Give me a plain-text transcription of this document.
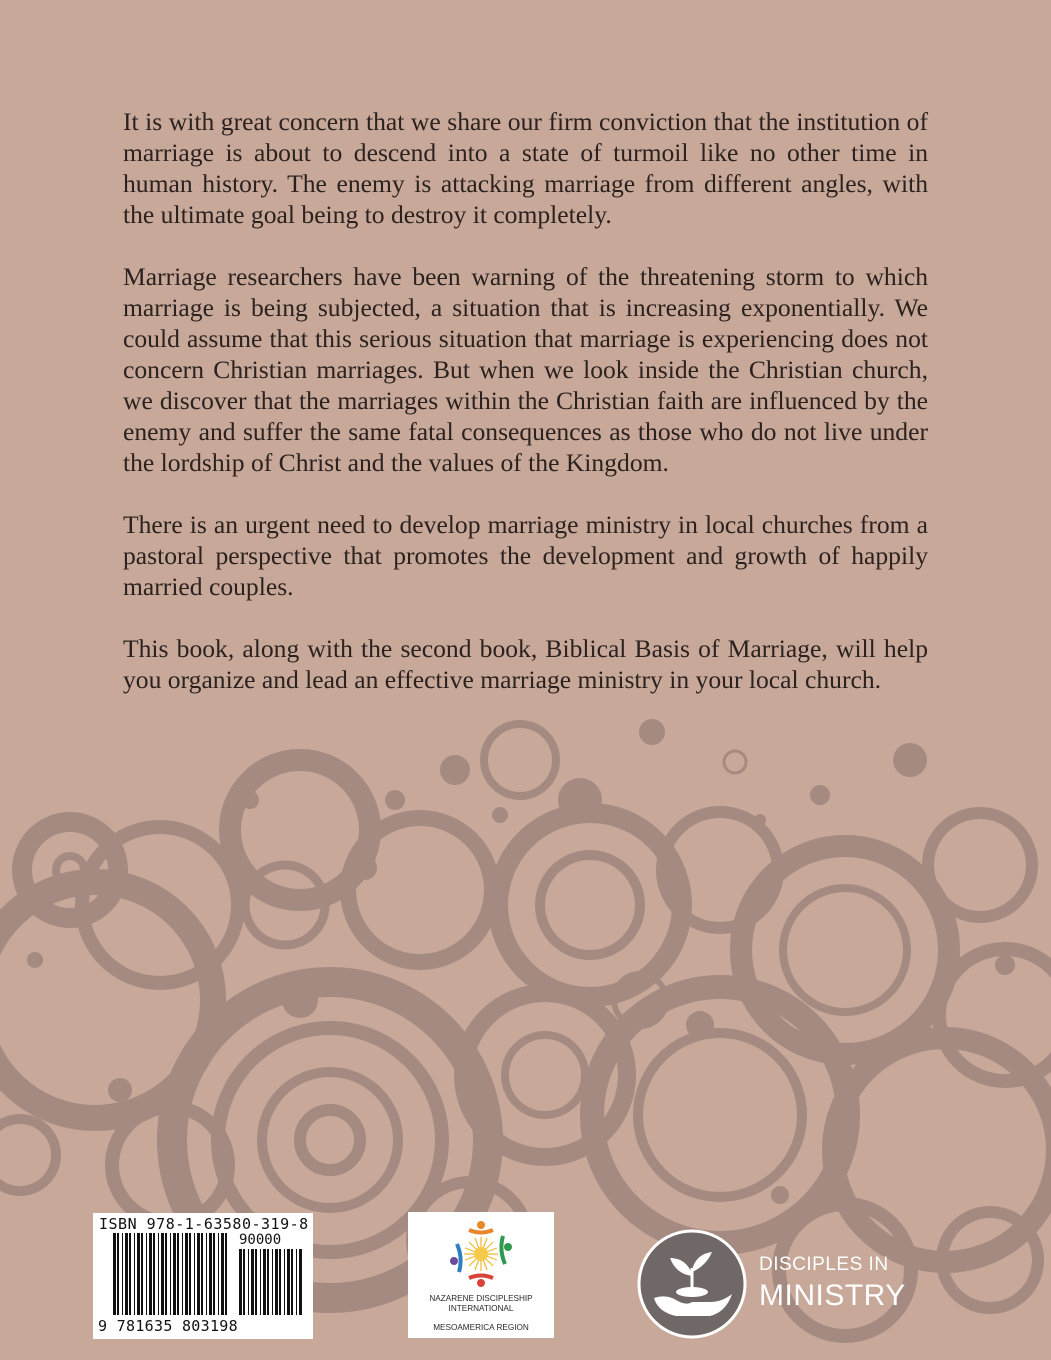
It is with great concern that we share our firm conviction that the institution of marriage is about to descend into a state of turmoil like no other time in human history. The enemy is attacking marriage from different angles, with the ultimate goal being to destroy it completely.

Marriage researchers have been warning of the threatening storm to which marriage is being subjected, a situation that is increasing exponentially. We could assume that this serious situation that marriage is experiencing does not concern Christian marriages. But when we look inside the Christian church, we discover that the marriages within the Christian faith are influenced by the enemy and suffer the same fatal consequences as those who do not live under the lordship of Christ and the values of the Kingdom.

There is an urgent need to develop marriage ministry in local churches from a pastoral perspective that promotes the development and growth of happily married couples.

This book, along with the second book, Biblical Basis of Marriage, will help you organize and lead an effective marriage ministry in your local church.

ISBN 978-1-63580-319-8
90000
9 781635 803198
NAZARENE DISCIPLESHIP
INTERNATIONAL
MESOAMERICA REGION
DISCIPLES IN
MINISTRY
